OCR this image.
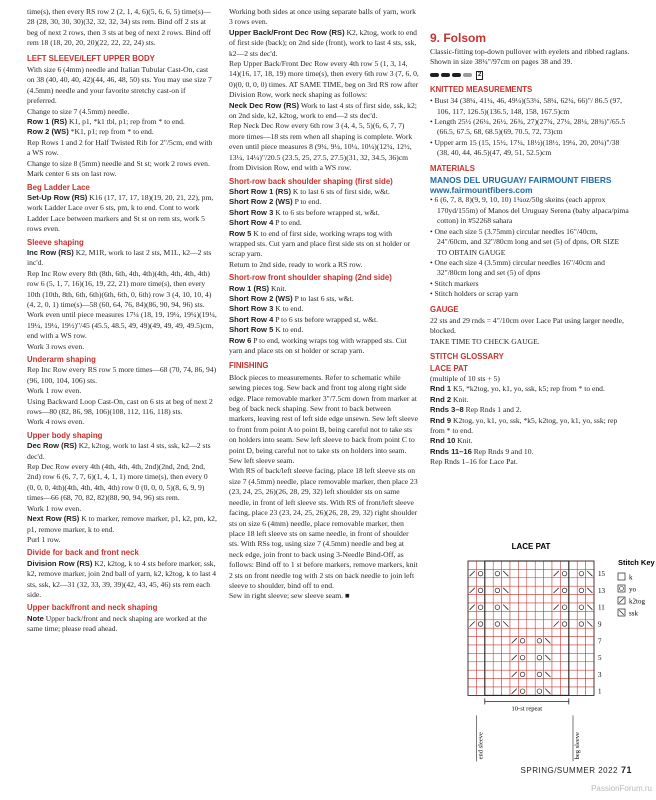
time(s), then every RS row 2 (2, 1, 4, 6)(5, 6, 6, 5) time(s)—28 (28, 30, 30, 30)(32, 32, 32, 34) sts rem. Bind off 2 sts at beg of next 2 rows, then 3 sts at beg of next 2 rows. Bind off rem 18 (18, 20, 20, 20)(22, 22, 22, 24) sts.

LEFT SLEEVE/LEFT UPPER BODY

With size 6 (4mm) needle and Italian Tubular Cast-On, cast on 38 (40, 40, 40, 42)(44, 46, 48, 50) sts. You may use size 7 (4.5mm) needle and your favorite stretchy cast-on if preferred.

Change to size 7 (4.5mm) needle.

Row 1 (RS) K1, p1, *k1 tbl, p1; rep from * to end.

Row 2 (WS) *K1, p1; rep from * to end.

Rep Rows 1 and 2 for Half Twisted Rib for 2"/5cm, end with a WS row.

Change to size 8 (5mm) needle and St st; work 2 rows even. Mark center 6 sts on last row.

Beg Ladder Lace

Set-Up Row (RS) K16 (17, 17, 17, 18)(19, 20, 21, 22), pm, work Ladder Lace over 6 sts, pm, k to end. Cont to work Ladder Lace between markers and St st on rem sts, work 5 rows even.

Sleeve shaping

Inc Row (RS) K2, M1R, work to last 2 sts, M1L, k2—2 sts inc'd.

Rep Inc Row every 8th (8th, 6th, 4th, 4th)(4th, 4th, 4th, 4th) row 6 (5, 1, 7, 16)(16, 19, 22, 21) more time(s), then every 10th (10th, 8th, 6th, 6th)(6th, 6th, 0, 6th) row 3 (4, 10, 10, 4)(4, 2, 0, 1) time(s)—58 (60, 64, 76, 84)(86, 90, 94, 96) sts.

Work even until piece measures 17¼ (18, 19, 19¼, 19¼)(19¼, 19¼, 19¼, 19½)"/45 (45.5, 48.5, 49, 49)(49, 49, 49, 49.5)cm, end with a WS row.

Work 3 rows even.

Underarm shaping

Rep Inc Row every RS row 5 more times—68 (70, 74, 86, 94)(96, 100, 104, 106) sts.

Work 1 row even.

Using Backward Loop Cast-On, cast on 6 sts at beg of next 2 rows—80 (82, 86, 98, 106)(108, 112, 116, 118) sts.

Work 4 rows even.

Upper body shaping

Dec Row (RS) K2, k2tog, work to last 4 sts, ssk, k2—2 sts dec'd.

Rep Dec Row every 4th (4th, 4th, 4th, 2nd)(2nd, 2nd, 2nd, 2nd) row 6 (6, 7, 7, 6)(1, 4, 1, 1) more time(s), then every 0 (0, 0, 0, 4th)(4th, 4th, 4th, 4th) row 0 (0, 0, 0, 5)(8, 6, 9, 9) times—66 (68, 70, 82, 82)(88, 90, 94, 96) sts rem.

Work 1 row even.

Next Row (RS) K to marker, remove marker, p1, k2, pm, k2, p1, remove marker, k to end.

Purl 1 row.

Divide for back and front neck

Division Row (RS) K2, k2tog, k to 4 sts before marker, ssk, k2, remove marker, join 2nd ball of yarn, k2, k2tog, k to last 4 sts, ssk, k2—31 (32, 33, 39, 39)(42, 43, 45, 46) sts rem each side.

Upper back/front and neck shaping

Note Upper back/front and neck shaping are worked at the same time; please read ahead.

Working both sides at once using separate balls of yarn, work 3 rows even.

Upper Back/Front Dec Row (RS) K2, k2tog, work to end of first side (back); on 2nd side (front), work to last 4 sts, ssk, k2—2 sts dec'd.

Rep Upper Back/Front Dec Row every 4th row 5 (1, 3, 14, 14)(16, 17, 18, 19) more time(s), then every 6th row 3 (7, 6, 0, 0)(0, 0, 0, 0) times. AT SAME TIME, beg on 3rd RS row after Division Row, work neck shaping as follows:

Neck Dec Row (RS) Work to last 4 sts of first side, ssk, k2; on 2nd side, k2, k2tog, work to end—2 sts dec'd.

Rep Neck Dec Row every 6th row 3 (4, 4, 5, 5)(6, 6, 7, 7) more times—18 sts rem when all shaping is complete. Work even until piece measures 8 (9¼, 9¼, 10¼, 10¼)(12¼, 12½, 13¼, 14¼)"/20.5 (23.5, 25, 27.5, 27.5)(31, 32, 34.5, 36)cm from Division Row, end with a WS row.

Short-row back shoulder shaping (first side)

Short Row 1 (RS) K to last 6 sts of first side, w&t.

Short Row 2 (WS) P to end.

Short Row 3 K to 6 sts before wrapped st, w&t.

Short Row 4 P to end.

Row 5 K to end of first side, working wraps tog with wrapped sts. Cut yarn and place first side sts on st holder or scrap yarn.

Return to 2nd side, ready to work a RS row.

Short-row front shoulder shaping (2nd side)

Row 1 (RS) Knit.

Short Row 2 (WS) P to last 6 sts, w&t.

Short Row 3 K to end.

Short Row 4 P to 6 sts before wrapped st, w&t.

Short Row 5 K to end.

Row 6 P to end, working wraps tog with wrapped sts. Cut yarn and place sts on st holder or scrap yarn.

FINISHING

Block pieces to measurements. Refer to schematic while sewing pieces tog. Sew back and front tog along right side edge. Place removable marker 3"/7.5cm down from marker at beg of back neck shaping. Sew front to back between markers, leaving rest of left side edge unsewn. Sew left sleeve to front from point A to point B, being careful not to take sts on holders into seam. Sew left sleeve to back from point C to point D, being careful not to take sts on holders into seam. Sew left sleeve seam.

With RS of back/left sleeve facing, place 18 left sleeve sts on size 7 (4.5mm) needle, place removable marker, then place 23 (23, 24, 25, 26)(26, 28, 29, 32) left shoulder sts on same needle, in front of left sleeve sts. With RS of front/left sleeve facing, place 23 (23, 24, 25, 26)(26, 28, 29, 32) right shoulder sts on size 6 (4mm) needle, place removable marker, then place 18 left sleeve sts on same needle, in front of shoulder sts. With RSs tog, using size 7 (4.5mm) needle and beg at neck edge, join front to back using 3-Needle Bind-Off, as follows: Bind off to 1 st before markers, remove markers, knit 2 sts on front needle tog with 2 sts on back needle to join left sleeve to shoulder, bind off to end.

Sew in right sleeve; sew sleeve seam. ■

9. Folsom

Classic-fitting top-down pullover with eyelets and ribbed raglans. Shown in size 38¼"/97cm on pages 38 and 39.

2

KNITTED MEASUREMENTS

• Bust 34 (38¼, 41¼, 46, 49¼)(53¼, 58¼, 62¼, 66)"/ 86.5 (97, 106, 117, 126.5)(136.5, 148, 158, 167.5)cm

• Length 25½ (26¼, 26½, 26¾, 27)(27¾, 27¼, 28¼, 28¾)"/65.5 (66.5, 67.5, 68, 68.5)(69, 70.5, 72, 73)cm

• Upper arm 15 (15, 15½, 17¼, 18½)(18½, 19¼, 20, 20¼)"/38 (38, 40, 44, 46.5)(47, 49, 51, 52.5)cm

MATERIALS

MANOS DEL URUGUAY/ FAIRMOUNT FIBERS

www.fairmountfibers.com

• 6 (6, 7, 8, 8)(9, 9, 10, 10) 1¾oz/50g skeins (each approx 170yd/155m) of Manos del Uruguay Serena (baby alpaca/pima cotton) in #52268 sahara

• One each size 5 (3.75mm) circular needles 16"/40cm, 24"/60cm, and 32"/80cm long and set (5) of dpns, OR SIZE TO OBTAIN GAUGE

• One each size 4 (3.5mm) circular needles 16"/40cm and 32"/80cm long and set (5) of dpns

• Stitch markers

• Stitch holders or scrap yarn

GAUGE

22 sts and 29 rnds = 4"/10cm over Lace Pat using larger needle, blocked.

TAKE TIME TO CHECK GAUGE.

STITCH GLOSSARY

LACE PAT

(multiple of 10 sts + 5)

Rnd 1 K5, *k2tog, yo, k1, yo, ssk, k5; rep from * to end.

Rnd 2 Knit.

Rnds 3–8 Rep Rnds 1 and 2.

Rnd 9 K2tog, yo, k1, yo, ssk, *k5, k2tog, yo, k1, yo, ssk; rep from * to end.

Rnd 10 Knit.

Rnds 11–16 Rep Rnds 9 and 10.

Rep Rnds 1–16 for Lace Pat.

LACE PAT
15
13
11
9
7
5
3
1
10-st repeat
end sleeve	beg sleeve
Stitch Key
k
yo
k2tog
ssk
SPRING/SUMMER 2022 71
PassionForum.ru
